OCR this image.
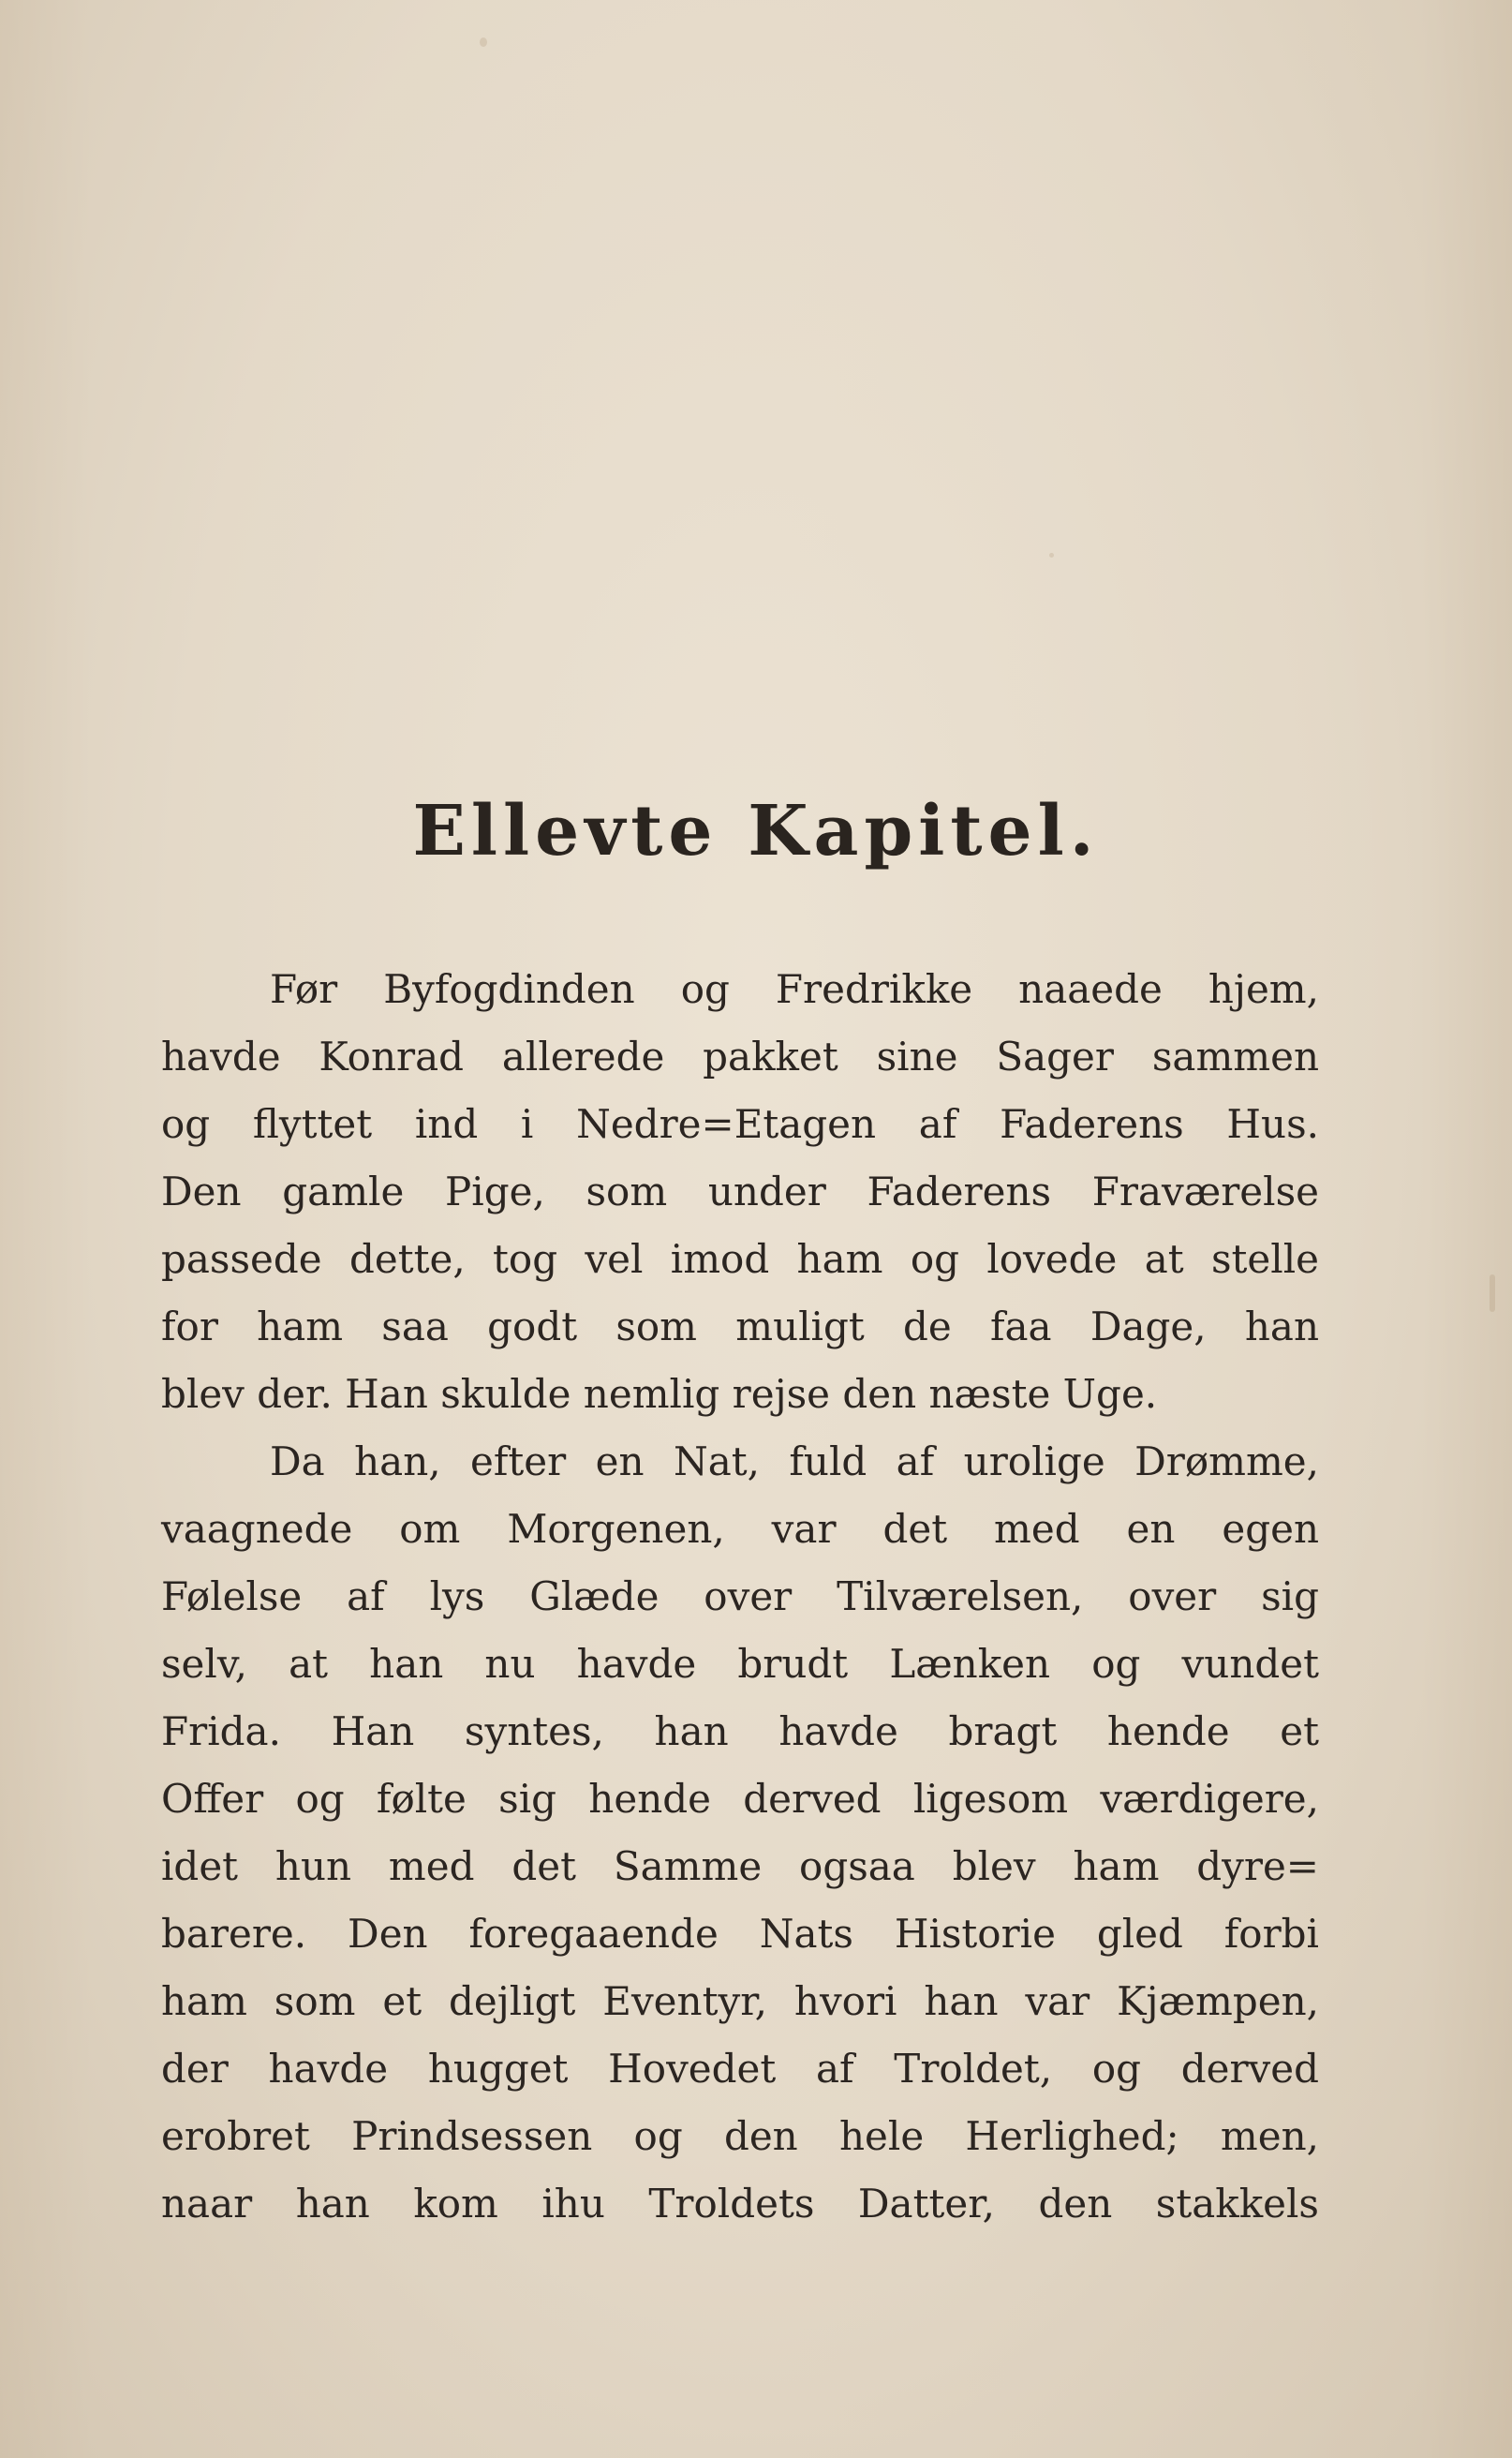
Ellevte Kapitel.
Før Byfogdinden og Fredrikke naaede hjem,
havde Konrad allerede pakket sine Sager sammen
og flyttet ind i Nedre=Etagen af Faderens Hus.
Den gamle Pige, som under Faderens Fraværelse
passede dette, tog vel imod ham og lovede at stelle
for ham saa godt som muligt de faa Dage, han
blev der. Han skulde nemlig rejse den næste Uge.
Da han, efter en Nat, fuld af urolige Drømme,
vaagnede om Morgenen, var det med en egen
Følelse af lys Glæde over Tilværelsen, over sig
selv, at han nu havde brudt Lænken og vundet
Frida. Han syntes, han havde bragt hende et
Offer og følte sig hende derved ligesom værdigere,
idet hun med det Samme ogsaa blev ham dyre=
barere. Den foregaaende Nats Historie gled forbi
ham som et dejligt Eventyr, hvori han var Kjæmpen,
der havde hugget Hovedet af Troldet, og derved
erobret Prindsessen og den hele Herlighed; men,
naar han kom ihu Troldets Datter, den stakkels
